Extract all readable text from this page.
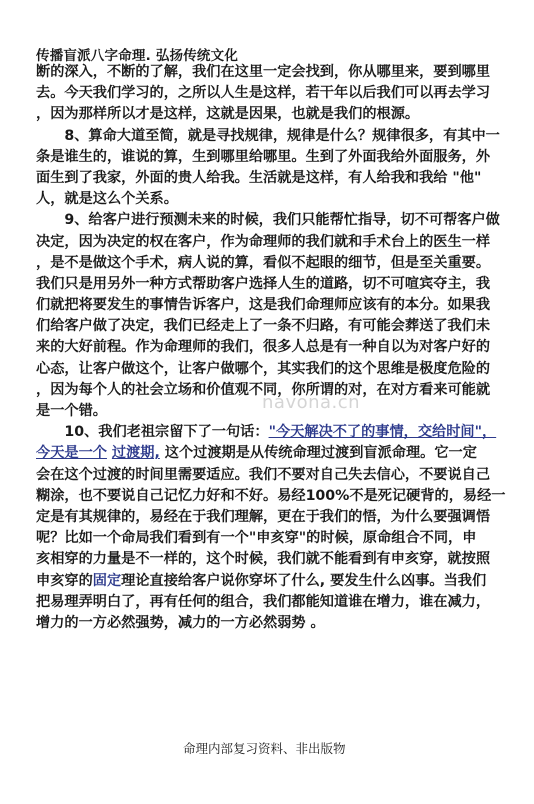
传播盲派八字命理. 弘扬传统文化
断的深入，不断的了解，我们在这里一定会找到，你从哪里来，要到哪里
去。今天我们学习的，之所以人生是这样，若干年以后我们可以再去学习
，因为那样所以才是这样，这就是因果，也就是我们的根源。
　　8、算命大道至简，就是寻找规律，规律是什么？规律很多，有其中一
条是谁生的，谁说的算，生到哪里给哪里。生到了外面我给外面服务，外
面生到了我家，外面的贵人给我。生活就是这样，有人给我和我给 "他"
人，就是这么个关系。
　　9、给客户进行预测未来的时候，我们只能帮忙指导，切不可帮客户做
决定，因为决定的权在客户，作为命理师的我们就和手术台上的医生一样
，是不是做这个手术，病人说的算，看似不起眼的细节，但是至关重要。
我们只是用另外一种方式帮助客户选择人生的道路，切不可喧宾夺主，我
们就把将要发生的事情告诉客户，这是我们命理师应该有的本分。如果我
们给客户做了决定，我们已经走上了一条不归路，有可能会葬送了我们未
来的大好前程。作为命理师的我们，很多人总是有一种自以为对客户好的
心态，让客户做这个，让客户做哪个，其实我们的这个思维是极度危险的
，因为每个人的社会立场和价值观不同，你所谓的对，在对方看来可能就
是一个错。
　　10、我们老祖宗留下了一句话："今天解决不了的事情，交给时间"，
今天是一个 过渡期, 这个过渡期是从传统命理过渡到盲派命理。它一定
会在这个过渡的时间里需要适应。我们不要对自己失去信心，不要说自己
糊涂，也不要说自己记忆力好和不好。易经100%不是死记硬背的，易经一
定是有其规律的，易经在于我们理解，更在于我们的悟，为什么要强调悟
呢？比如一个命局我们看到有一个"申亥穿"的时候，原命组合不同，申
亥相穿的力量是不一样的，这个时候，我们就不能看到有申亥穿，就按照
申亥穿的固定理论直接给客户说你穿坏了什么, 要发生什么凶事。当我们
把易理弄明白了，再有任何的组合，我们都能知道谁在增力，谁在减力，
增力的一方必然强势，减力的一方必然弱势 。
navona.cn
命理内部复习资料、非出版物
